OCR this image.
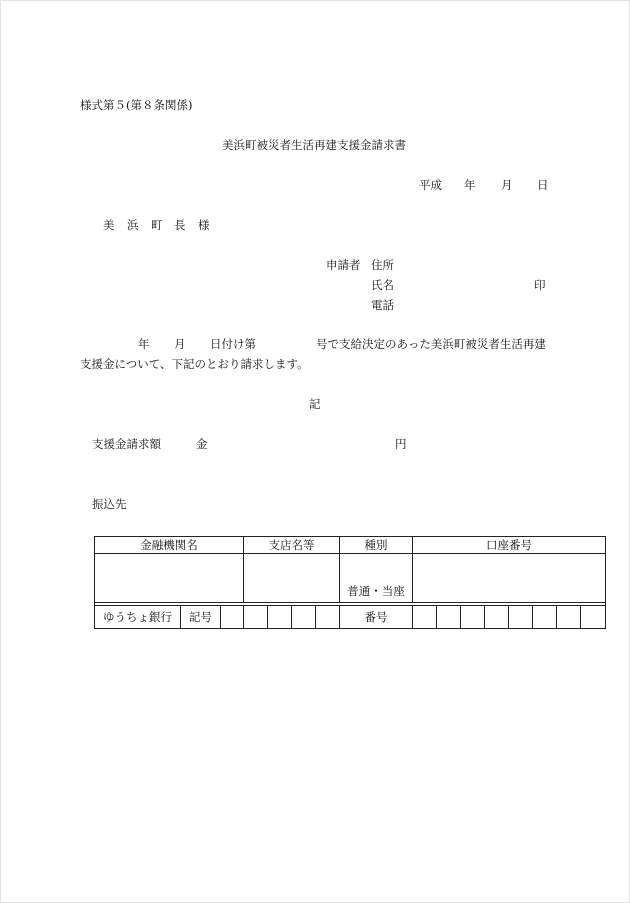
様式第５(第８条関係)
美浜町被災者生活再建支援金請求書
平成 年 月 日
美 浜 町 長 様
申請者 住所
氏名	印
電話
年 月 日付け第	号で支給決定のあった美浜町被災者生活再建
支援金について、下記のとおり請求します。
記
支援金請求額	金	円
振込先
金融機関名			支店名等				種別	口座番号							
							普通・当座								

ゆうちょ銀行	記号						番号								
